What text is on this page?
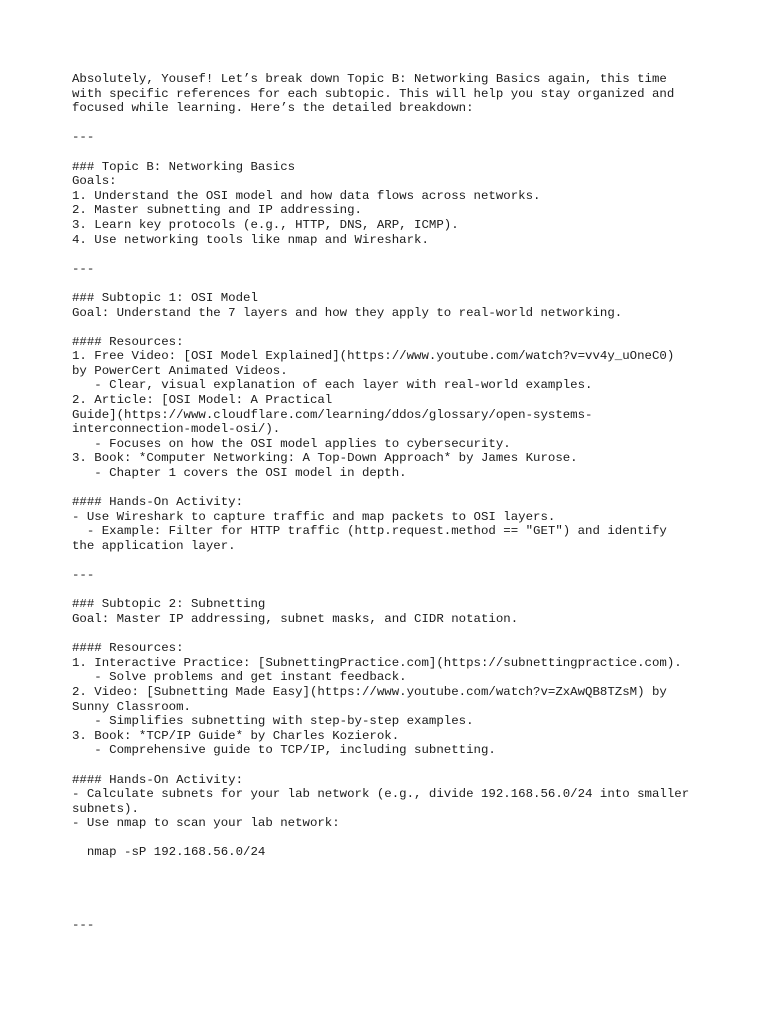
Absolutely, Yousef! Let’s break down Topic B: Networking Basics again, this time
with specific references for each subtopic. This will help you stay organized and
focused while learning. Here’s the detailed breakdown:
---
### Topic B: Networking Basics
Goals:
1. Understand the OSI model and how data flows across networks.
2. Master subnetting and IP addressing.
3. Learn key protocols (e.g., HTTP, DNS, ARP, ICMP).
4. Use networking tools like nmap and Wireshark.
---
### Subtopic 1: OSI Model
Goal: Understand the 7 layers and how they apply to real-world networking.
#### Resources:
1. Free Video: [OSI Model Explained](https://www.youtube.com/watch?v=vv4y_uOneC0)
by PowerCert Animated Videos.
- Clear, visual explanation of each layer with real-world examples.
2. Article: [OSI Model: A Practical
Guide](https://www.cloudflare.com/learning/ddos/glossary/open-systems-
interconnection-model-osi/).
- Focuses on how the OSI model applies to cybersecurity.
3. Book: *Computer Networking: A Top-Down Approach* by James Kurose.
- Chapter 1 covers the OSI model in depth.
#### Hands-On Activity:
- Use Wireshark to capture traffic and map packets to OSI layers.
- Example: Filter for HTTP traffic (http.request.method == "GET") and identify
the application layer.
---
### Subtopic 2: Subnetting
Goal: Master IP addressing, subnet masks, and CIDR notation.
#### Resources:
1. Interactive Practice: [SubnettingPractice.com](https://subnettingpractice.com).
- Solve problems and get instant feedback.
2. Video: [Subnetting Made Easy](https://www.youtube.com/watch?v=ZxAwQB8TZsM) by
Sunny Classroom.
- Simplifies subnetting with step-by-step examples.
3. Book: *TCP/IP Guide* by Charles Kozierok.
- Comprehensive guide to TCP/IP, including subnetting.
#### Hands-On Activity:
- Calculate subnets for your lab network (e.g., divide 192.168.56.0/24 into smaller
subnets).
- Use nmap to scan your lab network:
nmap -sP 192.168.56.0/24
---
